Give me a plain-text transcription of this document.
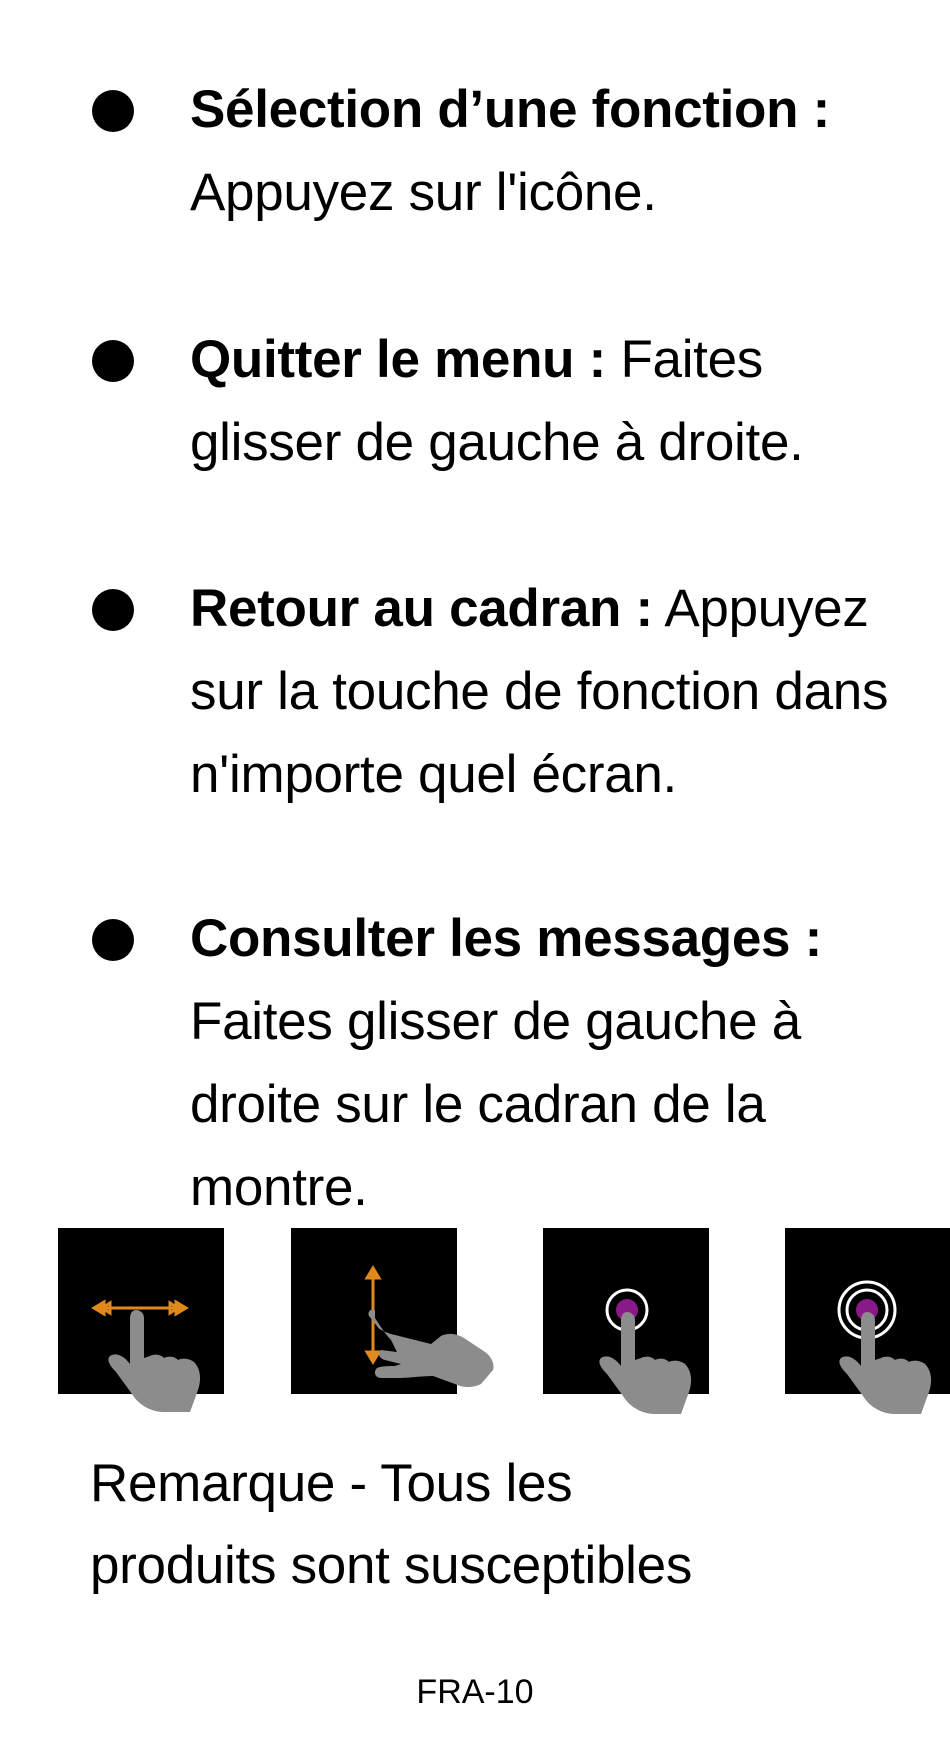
Sélection d’une fonction : Appuyez sur l'icône.
Quitter le menu : Faites glisser de gauche à droite.
Retour au cadran : Appuyez sur la touche de fonction dans n'importe quel écran.
Consulter les messages : Faites glisser de gauche à droite sur le cadran de la montre.
Remarque - Tous les
produits sont susceptibles
FRA-10
